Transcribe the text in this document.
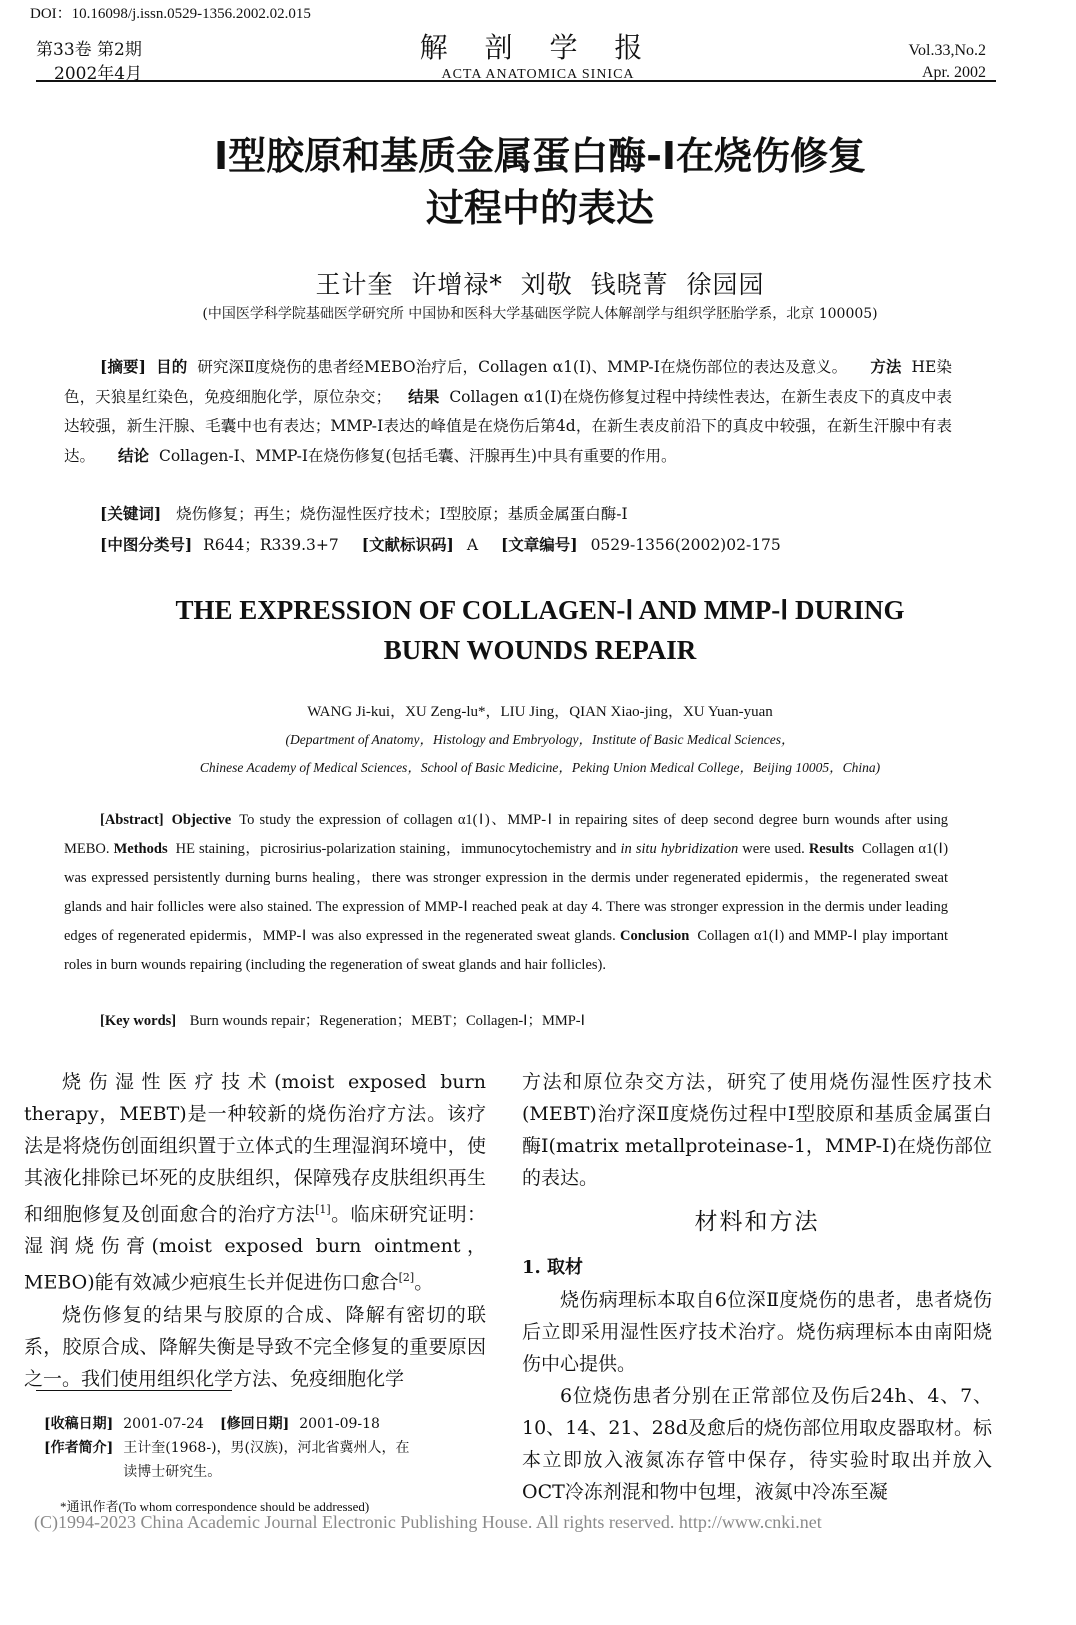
DOI：10.16098/j.issn.0529-1356.2002.02.015
第33卷 第2期
2002年4月
解 剖 学 报
ACTA ANATOMICA SINICA
Vol.33,No.2
Apr. 2002
Ⅰ型胶原和基质金属蛋白酶-Ⅰ在烧伤修复
过程中的表达
王计奎  许增禄*  刘敬  钱晓菁  徐园园
(中国医学科学院基础医学研究所 中国协和医科大学基础医学院人体解剖学与组织学胚胎学系，北京 100005)

[摘要] 目的 研究深Ⅱ度烧伤的患者经MEBO治疗后，Collagen α1(Ⅰ)、MMP-Ⅰ在烧伤部位的表达及意义。 方法 HE染色，天狼星红染色，免疫细胞化学，原位杂交； 结果 Collagen α1(Ⅰ)在烧伤修复过程中持续性表达，在新生表皮下的真皮中表达较强，新生汗腺、毛囊中也有表达；MMP-Ⅰ表达的峰值是在烧伤后第4d，在新生表皮前沿下的真皮中较强，在新生汗腺中有表达。 结论 Collagen-Ⅰ、MMP-Ⅰ在烧伤修复(包括毛囊、汗腺再生)中具有重要的作用。

[关键词] 烧伤修复；再生；烧伤湿性医疗技术；Ⅰ型胶原；基质金属蛋白酶-Ⅰ
[中图分类号] R644；R339.3+7 [文献标识码] A [文章编号] 0529-1356(2002)02-175
THE EXPRESSION OF COLLAGEN-Ⅰ AND MMP-Ⅰ DURING
BURN WOUNDS REPAIR
WANG Ji-kui，XU Zeng-lu*，LIU Jing，QIAN Xiao-jing，XU Yuan-yuan
(Department of Anatomy，Histology and Embryology，Institute of Basic Medical Sciences，
Chinese Academy of Medical Sciences，School of Basic Medicine，Peking Union Medical College，Beijing 10005，China)

[Abstract] Objective To study the expression of collagen α1(Ⅰ)、MMP-Ⅰ in repairing sites of deep second degree burn wounds after using MEBO. Methods HE staining，picrosirius-polarization staining，immunocytochemistry and in situ hybridization were used. Results Collagen α1(Ⅰ) was expressed persistently durning burns healing，there was stronger expression in the dermis under regenerated epidermis，the regenerated sweat glands and hair follicles were also stained. The expression of MMP-Ⅰ reached peak at day 4. There was stronger expression in the dermis under leading edges of regenerated epidermis，MMP-Ⅰ was also expressed in the regenerated sweat glands. Conclusion Collagen α1(Ⅰ) and MMP-Ⅰ play important roles in burn wounds repairing (including the regeneration of sweat glands and hair follicles).

[Key words] Burn wounds repair；Regeneration；MEBT；Collagen-Ⅰ；MMP-Ⅰ

烧伤湿性医疗技术(moist exposed burn therapy，MEBT)是一种较新的烧伤治疗方法。该疗法是将烧伤创面组织置于立体式的生理湿润环境中，使其液化排除已坏死的皮肤组织，保障残存皮肤组织再生和细胞修复及创面愈合的治疗方法[1]。临床研究证明：湿润烧伤膏(moist exposed burn ointment，MEBO)能有效减少疤痕生长并促进伤口愈合[2]。

烧伤修复的结果与胶原的合成、降解有密切的联系，胶原合成、降解失衡是导致不完全修复的重要原因之一。我们使用组织化学方法、免疫细胞化学

方法和原位杂交方法，研究了使用烧伤湿性医疗技术(MEBT)治疗深Ⅱ度烧伤过程中Ⅰ型胶原和基质金属蛋白酶Ⅰ(matrix metallproteinase-1，MMP-Ⅰ)在烧伤部位的表达。

材料和方法
1. 取材

烧伤病理标本取自6位深Ⅱ度烧伤的患者，患者烧伤后立即采用湿性医疗技术治疗。烧伤病理标本由南阳烧伤中心提供。

6位烧伤患者分别在正常部位及伤后24h、4、7、10、14、21、28d及愈后的烧伤部位用取皮器取材。标本立即放入液氮冻存管中保存，待实验时取出并放入OCT冷冻剂混和物中包埋，液氮中冷冻至凝

[收稿日期] 2001-07-24 [修回日期] 2001-09-18
[作者简介] 王计奎(1968-)，男(汉族)，河北省冀州人，在读博士研究生。
*通讯作者(To whom correspondence should be addressed)
(C)1994-2023 China Academic Journal Electronic Publishing House. All rights reserved. http://www.cnki.net
